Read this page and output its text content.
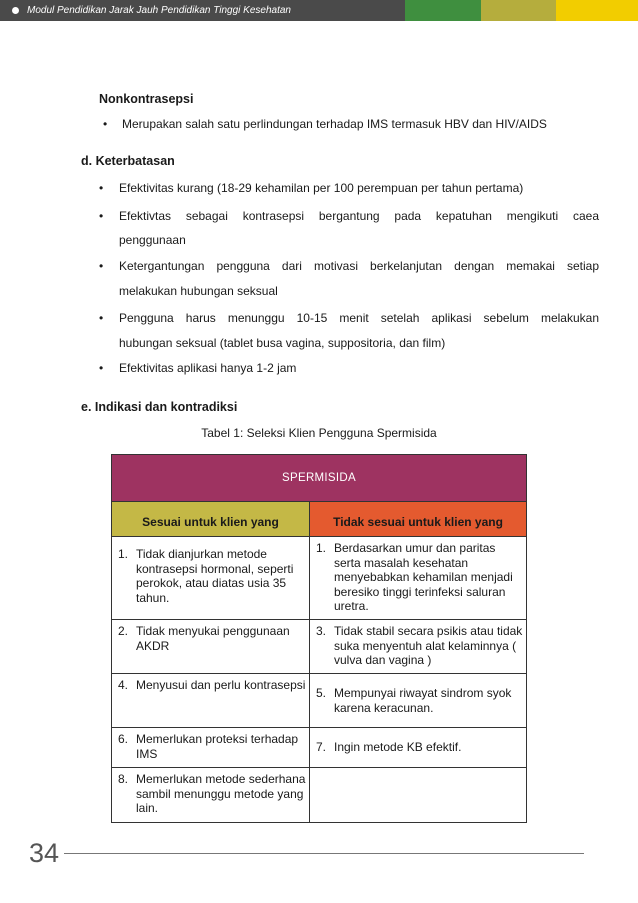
Modul Pendidikan Jarak Jauh Pendidikan Tinggi Kesehatan
Nonkontrasepsi
• Merupakan salah satu perlindungan terhadap IMS termasuk HBV dan HIV/AIDS
d. Keterbatasan
• Efektivitas kurang (18-29 kehamilan per 100 perempuan per tahun pertama)
• Efektivtas sebagai kontrasepsi bergantung pada kepatuhan mengikuti caea
penggunaan
• Ketergantungan pengguna dari motivasi berkelanjutan dengan memakai setiap
melakukan hubungan seksual
• Pengguna harus menunggu 10-15 menit setelah aplikasi sebelum melakukan
hubungan seksual (tablet busa vagina, suppositoria, dan film)
• Efektivitas aplikasi hanya 1-2 jam
e. Indikasi dan kontradiksi
Tabel 1: Seleksi Klien Pengguna Spermisida
SPERMISIDA
Sesuai untuk klien yang	Tidak sesuai untuk klien yang
1. Tidak dianjurkan metode kontrasepsi hormonal, seperti perokok, atau diatas usia 35 tahun.
1. Berdasarkan umur dan paritas serta masalah kesehatan menyebabkan kehamilan menjadi beresiko tinggi terinfeksi saluran uretra.
2. Tidak menyukai penggunaan AKDR
3. Tidak stabil secara psikis atau tidak suka menyentuh alat kelaminnya ( vulva dan vagina )
4. Menyusui dan perlu kontrasepsi
5. Mempunyai riwayat sindrom syok karena keracunan.
6. Memerlukan proteksi terhadap IMS	7. Ingin metode KB efektif.
8. Memerlukan metode sederhana sambil menunggu metode yang lain.
34
